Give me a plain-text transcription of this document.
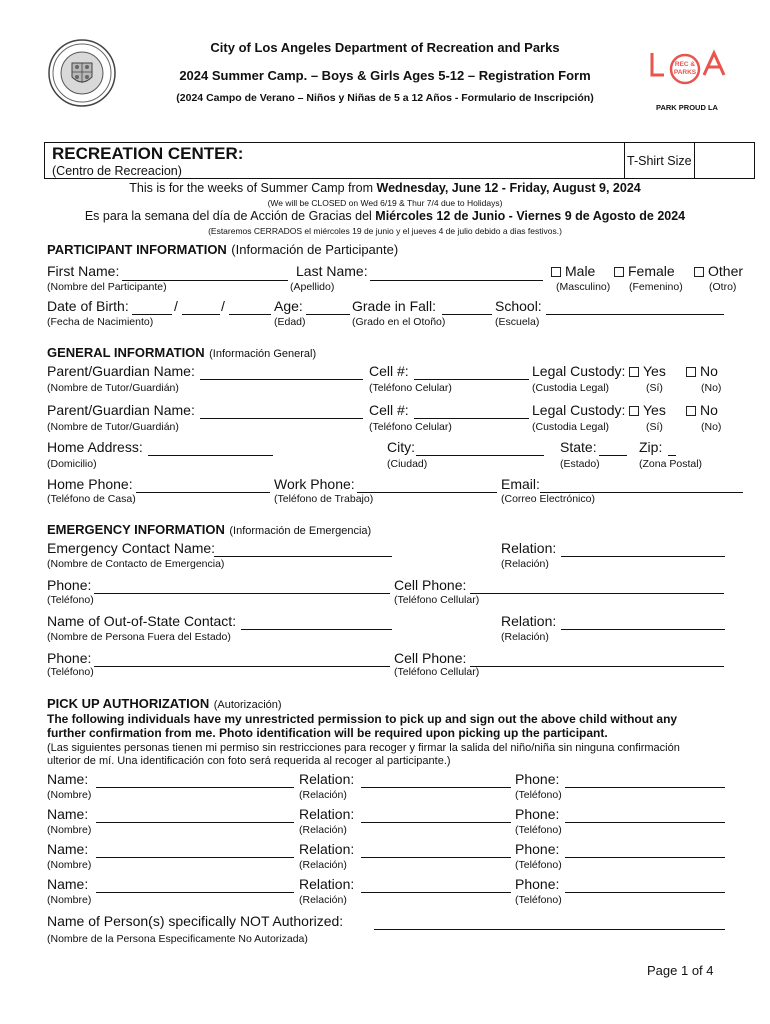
City of Los Angeles Department of Recreation and Parks
2024 Summer Camp. – Boys & Girls Ages 5-12 – Registration Form
(2024 Campo de Verano – Niños y Niñas de 5 a 12 Años - Formulario de Inscripción)
REC &
PARKS
PARK PROUD LA
RECREATION CENTER:
(Centro de Recreacion)
T-Shirt Size
This is for the weeks of Summer Camp from Wednesday, June 12 - Friday, August 9, 2024
(We will be CLOSED on Wed 6/19 & Thur 7/4 due to Holidays)
Es para la semana del día de Acción de Gracias del Miércoles 12 de Junio - Viernes 9 de Agosto de 2024
(Estaremos CERRADOS el miércoles 19 de junio y el jueves 4 de julio debido a dias festivos.)
PARTICIPANT INFORMATION (Información de Participante)
First Name:
(Nombre del Participante)
Last Name:
(Apellido)
Male
(Masculino)
Female
(Femenino)
Other
(Otro)
Date of Birth:	/	/
(Fecha de Nacimiento)
Age:
(Edad)
Grade in Fall:
(Grado en el Otoño)
School:
(Escuela)
GENERAL INFORMATION (Información General)
Parent/Guardian Name:
(Nombre de Tutor/Guardián)
Cell #:
(Teléfono Celular)
Legal Custody:
(Custodia Legal)
Yes
(Sí)
No
(No)
Parent/Guardian Name:
(Nombre de Tutor/Guardián)
Cell #:
(Teléfono Celular)
Legal Custody:
(Custodia Legal)
Yes
(Sí)
No
(No)
Home Address:
(Domicilio)
City:
(Ciudad)
State:
(Estado)
Zip:
(Zona Postal)
Home Phone:
(Teléfono de Casa)
Work Phone:
(Teléfono de Trabajo)
Email:
(Correo Electrónico)
EMERGENCY INFORMATION (Información de Emergencia)
Emergency Contact Name:
(Nombre de Contacto de Emergencia)
Relation:
(Relación)
Phone:
(Teléfono)
Cell Phone:
(Teléfono Cellular)
Name of Out-of-State Contact:
(Nombre de Persona Fuera del Estado)
Relation:
(Relación)
Phone:
(Teléfono)
Cell Phone:
(Teléfono Cellular)
PICK UP AUTHORIZATION (Autorización)
The following individuals have my unrestricted permission to pick up and sign out the above child without any
further confirmation from me. Photo identification will be required upon picking up the participant.
(Las siguientes personas tienen mi permiso sin restricciones para recoger y firmar la salida del niño/niña sin ninguna confirmación
ulterior de mí. Una identificación con foto será requerida al recoger al participante.)
Name:
(Nombre)
Relation:
(Relación)
Phone:
(Teléfono)
Name:
(Nombre)
Relation:
(Relación)
Phone:
(Teléfono)
Name:
(Nombre)
Relation:
(Relación)
Phone:
(Teléfono)
Name:
(Nombre)
Relation:
(Relación)
Phone:
(Teléfono)
Name of Person(s) specifically NOT Authorized:
(Nombre de la Persona Especificamente No Autorizada)
Page 1 of 4
